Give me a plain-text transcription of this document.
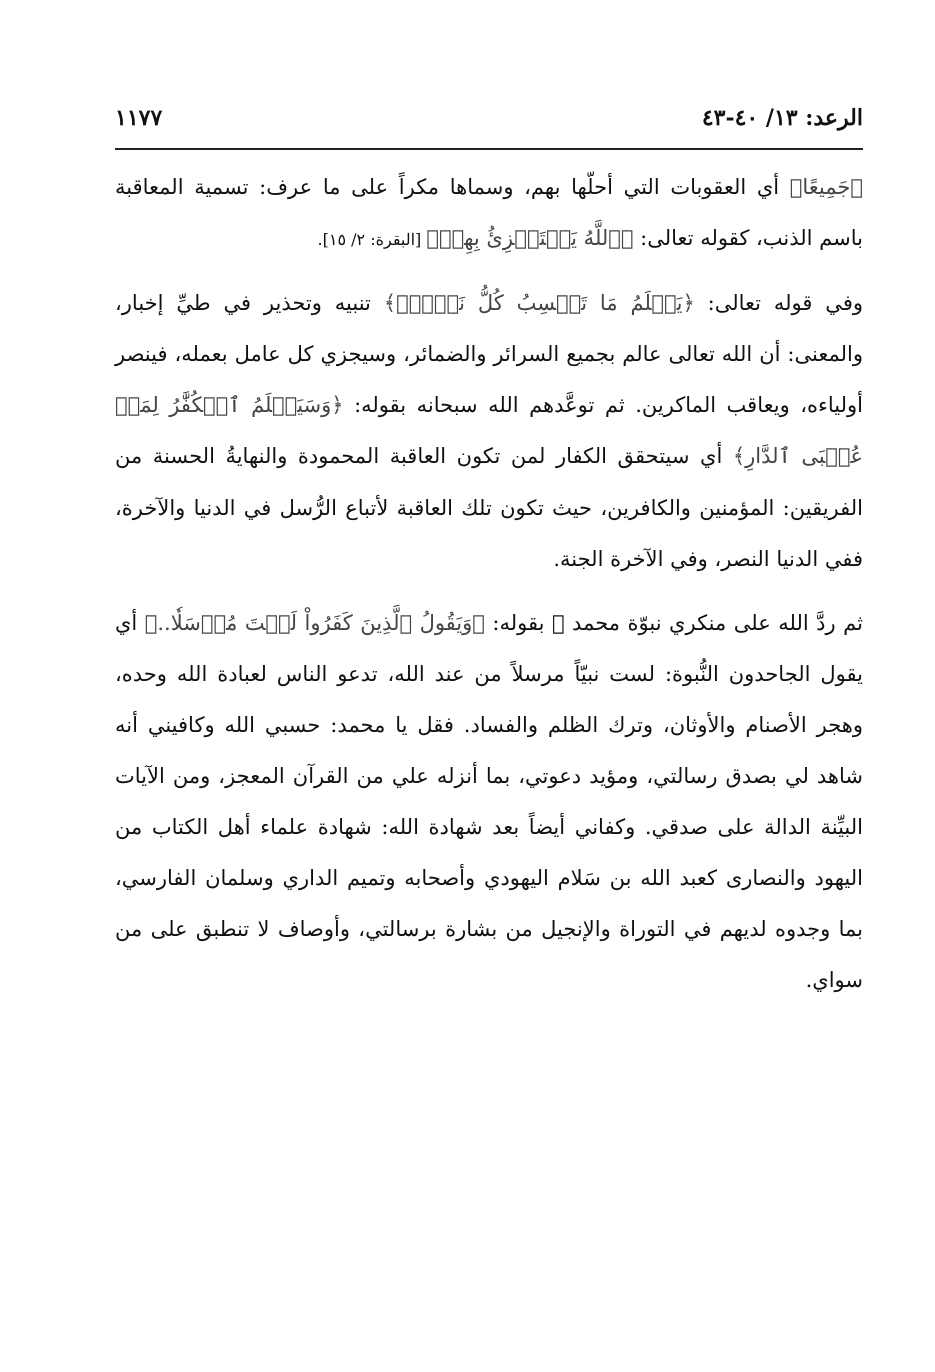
الرعد: ١٣/ ٤٠-٤٣
١١٧٧

﴿جَمِيعًا﴾ أي العقوبات التي أحلّها بهم، وسماها مكراً على ما عرف: تسمية المعاقبة باسم الذنب، كقوله تعالى: ﴿ٱللَّهُ يَسۡتَهۡزِئُ بِهِمۡ﴾ [البقرة: ٢/ ١٥].

وفي قوله تعالى: ﴿يَعۡلَمُ مَا تَكۡسِبُ كُلُّ نَفۡسٍۗ﴾ تنبيه وتحذير في طيِّ إخبار، والمعنى: أن الله تعالى عالم بجميع السرائر والضمائر، وسيجزي كل عامل بعمله، فينصر أولياءه، ويعاقب الماكرين. ثم توعَّدهم الله سبحانه بقوله: ﴿وَسَيَعۡلَمُ ٱلۡكُفَّٰرُ لِمَنۡ عُقۡبَى ٱلدَّارِ﴾ أي سيتحقق الكفار لمن تكون العاقبة المحمودة والنهايةُ الحسنة من الفريقين: المؤمنين والكافرين، حيث تكون تلك العاقبة لأتباع الرُّسل في الدنيا والآخرة، ففي الدنيا النصر، وفي الآخرة الجنة.

ثم ردَّ الله على منكري نبوّة محمد ﷺ بقوله: ﴿وَيَقُولُ ٱلَّذِينَ كَفَرُواْ لَسۡتَ مُرۡسَلٗا..﴾ أي يقول الجاحدون النُّبوة: لست نبيّاً مرسلاً من عند الله، تدعو الناس لعبادة الله وحده، وهجر الأصنام والأوثان، وترك الظلم والفساد. فقل يا محمد: حسبي الله وكافيني أنه شاهد لي بصدق رسالتي، ومؤيد دعوتي، بما أنزله علي من القرآن المعجز، ومن الآيات البيِّنة الدالة على صدقي. وكفاني أيضاً بعد شهادة الله: شهادة علماء أهل الكتاب من اليهود والنصارى كعبد الله بن سَلام اليهودي وأصحابه وتميم الداري وسلمان الفارسي، بما وجدوه لديهم في التوراة والإنجيل من بشارة برسالتي، وأوصاف لا تنطبق على من سواي.
